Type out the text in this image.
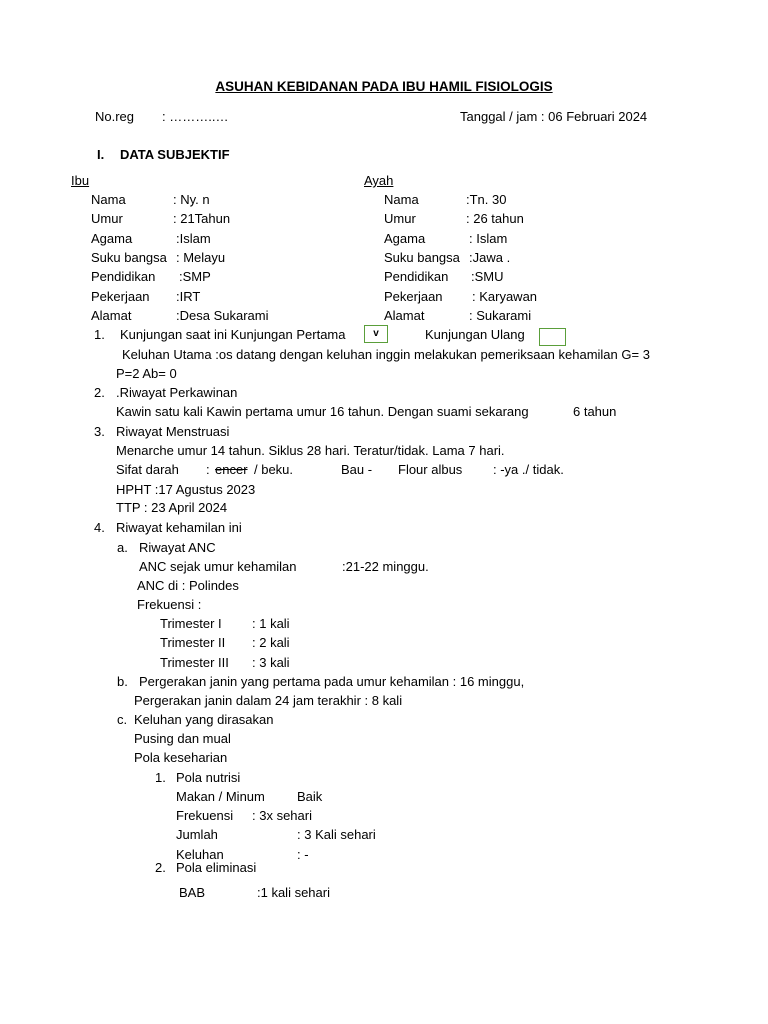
ASUHAN KEBIDANAN PADA IBU HAMIL FISIOLOGIS
No.reg : ………..…	Tanggal / jam : 06 Februari 2024
I. DATA SUBJEKTIF
Ibu	Ayah
Nama	: Ny. n
Umur	: 21Tahun
Agama	:Islam
Suku bangsa : Melayu
Pendidikan :SMP
Pekerjaan :IRT
Alamat	:Desa Sukarami
Nama	:Tn. 30
Umur	: 26 tahun
Agama	: Islam
Suku bangsa :Jawa .
Pendidikan :SMU
Pekerjaan : Karyawan
Alamat	: Sukarami
1. Kunjungan saat ini Kunjungan Pertama	v	Kunjungan Ulang
Keluhan Utama :os datang dengan keluhan inggin melakukan pemeriksaan kehamilan G= 3
P=2 Ab= 0
2. .Riwayat Perkawinan
Kawin satu kali Kawin pertama umur 16 tahun. Dengan suami sekarang	6 tahun
3. Riwayat Menstruasi
Menarche umur 14 tahun. Siklus 28 hari. Teratur/tidak. Lama 7 hari.
Sifat darah : encer / beku.	Bau - Flour albus : -ya ./ tidak.
HPHT :17 Agustus 2023
TTP : 23 April 2024
4. Riwayat kehamilan ini
a. Riwayat ANC
ANC sejak umur kehamilan	:21-22 minggu.
ANC di : Polindes
Frekuensi :
Trimester I : 1 kali
Trimester II : 2 kali
Trimester III : 3 kali
b. Pergerakan janin yang pertama pada umur kehamilan : 16 minggu,
Pergerakan janin dalam 24 jam terakhir : 8 kali
c. Keluhan yang dirasakan
Pusing dan mual
Pola keseharian
1. Pola nutrisi
Makan / Minum Baik
Frekuensi : 3x sehari
Jumlah	: 3 Kali sehari
Keluhan	: -
2. Pola eliminasi
BAB	:1 kali sehari
